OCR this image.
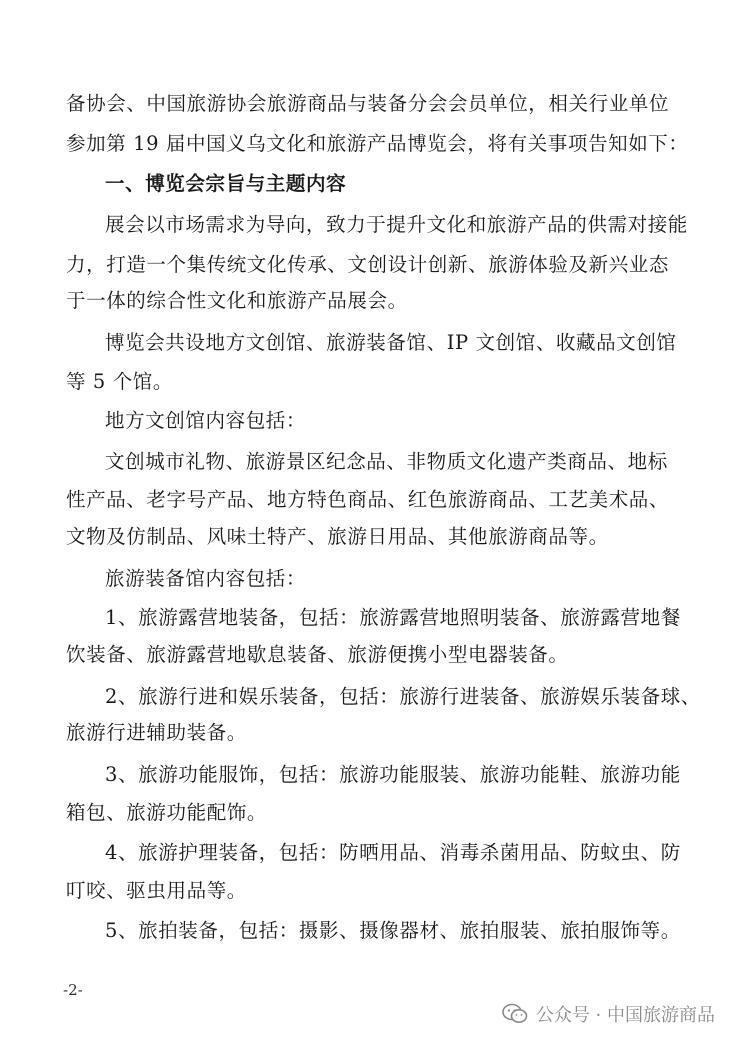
备协会、中国旅游协会旅游商品与装备分会会员单位，相关行业单位
参加第 19 届中国义乌文化和旅游产品博览会，将有关事项告知如下：
一、博览会宗旨与主题内容
展会以市场需求为导向，致力于提升文化和旅游产品的供需对接能
力，打造一个集传统文化传承、文创设计创新、旅游体验及新兴业态
于一体的综合性文化和旅游产品展会。
博览会共设地方文创馆、旅游装备馆、IP 文创馆、收藏品文创馆
等 5 个馆。
地方文创馆内容包括：
文创城市礼物、旅游景区纪念品、非物质文化遗产类商品、地标
性产品、老字号产品、地方特色商品、红色旅游商品、工艺美术品、
文物及仿制品、风味土特产、旅游日用品、其他旅游商品等。
旅游装备馆内容包括：
1、旅游露营地装备，包括：旅游露营地照明装备、旅游露营地餐
饮装备、旅游露营地歇息装备、旅游便携小型电器装备。
2、旅游行进和娱乐装备，包括：旅游行进装备、旅游娱乐装备球、
旅游行进辅助装备。
3、旅游功能服饰，包括：旅游功能服装、旅游功能鞋、旅游功能
箱包、旅游功能配饰。
4、旅游护理装备，包括：防晒用品、消毒杀菌用品、防蚊虫、防
叮咬、驱虫用品等。
5、旅拍装备，包括：摄影、摄像器材、旅拍服装、旅拍服饰等。
-2-
公众号 · 中国旅游商品
